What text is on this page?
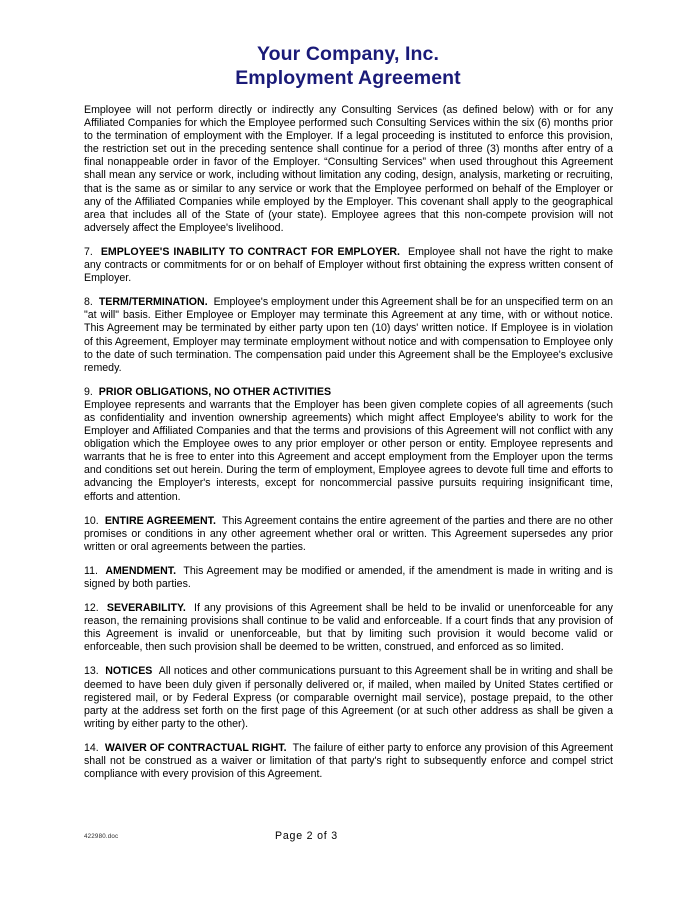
Your Company, Inc.
Employment Agreement

Employee will not perform directly or indirectly any Consulting Services (as defined below) with or for any Affiliated Companies for which the Employee performed such Consulting Services within the six (6) months prior to the termination of employment with the Employer. If a legal proceeding is instituted to enforce this provision, the restriction set out in the preceding sentence shall continue for a period of three (3) months after entry of a final nonappeable order in favor of the Employer. “Consulting Services” when used throughout this Agreement shall mean any service or work, including without limitation any coding, design, analysis, marketing or recruiting, that is the same as or similar to any service or work that the Employee performed on behalf of the Employer or any of the Affiliated Companies while employed by the Employer. This covenant shall apply to the geographical area that includes all of the State of (your state). Employee agrees that this non-compete provision will not adversely affect the Employee's livelihood.

7.  EMPLOYEE'S INABILITY TO CONTRACT FOR EMPLOYER. Employee shall not have the right to make any contracts or commitments for or on behalf of Employer without first obtaining the express written consent of Employer.

8.  TERM/TERMINATION. Employee's employment under this Agreement shall be for an unspecified term on an "at will" basis. Either Employee or Employer may terminate this Agreement at any time, with or without notice. This Agreement may be terminated by either party upon ten (10) days' written notice. If Employee is in violation of this Agreement, Employer may terminate employment without notice and with compensation to Employee only to the date of such termination. The compensation paid under this Agreement shall be the Employee's exclusive remedy.

9.  PRIOR OBLIGATIONS, NO OTHER ACTIVITIES
Employee represents and warrants that the Employer has been given complete copies of all agreements (such as confidentiality and invention ownership agreements) which might affect Employee's ability to work for the Employer and Affiliated Companies and that the terms and provisions of this Agreement will not conflict with any obligation which the Employee owes to any prior employer or other person or entity. Employee represents and warrants that he is free to enter into this Agreement and accept employment from the Employer upon the terms and conditions set out herein. During the term of employment, Employee agrees to devote full time and efforts to advancing the Employer's interests, except for noncommercial passive pursuits requiring insignificant time, efforts and attention.

10.  ENTIRE AGREEMENT. This Agreement contains the entire agreement of the parties and there are no other promises or conditions in any other agreement whether oral or written. This Agreement supersedes any prior written or oral agreements between the parties.

11.  AMENDMENT. This Agreement may be modified or amended, if the amendment is made in writing and is signed by both parties.

12.  SEVERABILITY. If any provisions of this Agreement shall be held to be invalid or unenforceable for any reason, the remaining provisions shall continue to be valid and enforceable. If a court finds that any provision of this Agreement is invalid or unenforceable, but that by limiting such provision it would become valid or enforceable, then such provision shall be deemed to be written, construed, and enforced as so limited.

13.  NOTICES All notices and other communications pursuant to this Agreement shall be in writing and shall be deemed to have been duly given if personally delivered or, if mailed, when mailed by United States certified or registered mail, or by Federal Express (or comparable overnight mail service), postage prepaid, to the other party at the address set forth on the first page of this Agreement (or at such other address as shall be given a writing by either party to the other).

14.  WAIVER OF CONTRACTUAL RIGHT. The failure of either party to enforce any provision of this Agreement shall not be construed as a waiver or limitation of that party's right to subsequently enforce and compel strict compliance with every provision of this Agreement.

422980.doc	Page 2 of 3
